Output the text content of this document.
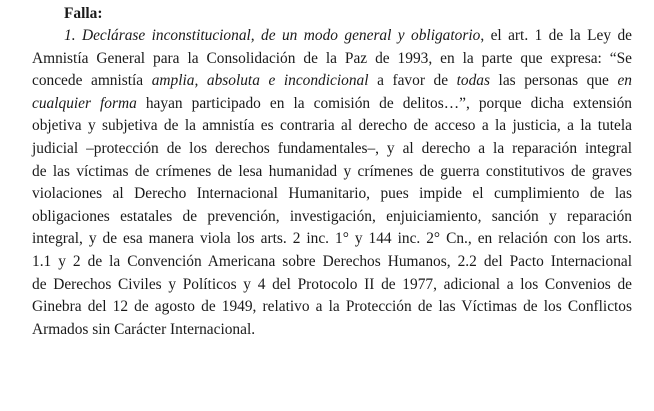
Falla:
1. Declárase inconstitucional, de un modo general y obligatorio, el art. 1 de la Ley de
Amnistía General para la Consolidación de la Paz de 1993, en la parte que expresa: “Se
concede amnistía amplia, absoluta e incondicional a favor de todas las personas que en
cualquier forma hayan participado en la comisión de delitos…”, porque dicha extensión
objetiva y subjetiva de la amnistía es contraria al derecho de acceso a la justicia, a la tutela
judicial –protección de los derechos fundamentales–, y al derecho a la reparación integral
de las víctimas de crímenes de lesa humanidad y crímenes de guerra constitutivos de graves
violaciones al Derecho Internacional Humanitario, pues impide el cumplimiento de las
obligaciones estatales de prevención, investigación, enjuiciamiento, sanción y reparación
integral, y de esa manera viola los arts. 2 inc. 1° y 144 inc. 2° Cn., en relación con los arts.
1.1 y 2 de la Convención Americana sobre Derechos Humanos, 2.2 del Pacto Internacional
de Derechos Civiles y Políticos y 4 del Protocolo II de 1977, adicional a los Convenios de
Ginebra del 12 de agosto de 1949, relativo a la Protección de las Víctimas de los Conflictos
Armados sin Carácter Internacional.
